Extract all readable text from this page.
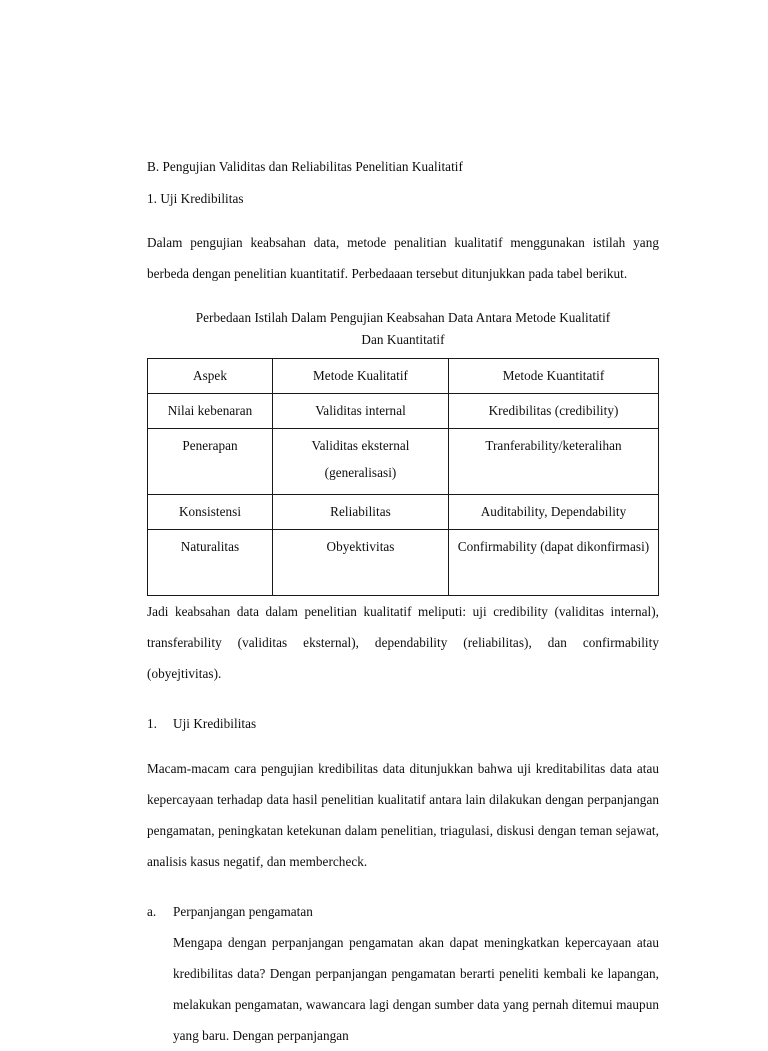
B. Pengujian Validitas dan Reliabilitas Penelitian Kualitatif

1. Uji Kredibilitas

Dalam pengujian keabsahan data, metode penalitian kualitatif menggunakan istilah yang berbeda dengan penelitian kuantitatif. Perbedaaan tersebut ditunjukkan pada tabel berikut.

Perbedaan Istilah Dalam Pengujian Keabsahan Data Antara Metode Kualitatif
Dan Kuantitatif
Aspek	Metode Kualitatif	Metode Kuantitatif
Nilai kebenaran	Validitas internal	Kredibilitas (credibility)
Penerapan	Validitas eksternal (generalisasi)	Tranferability/keteralihan
Konsistensi	Reliabilitas	Auditability, Dependability
Naturalitas	Obyektivitas	Confirmability (dapat dikonfirmasi)

Jadi keabsahan data dalam penelitian kualitatif meliputi: uji credibility (validitas internal), transferability (validitas eksternal), dependability (reliabilitas), dan confirmability (obyejtivitas).

1.	Uji Kredibilitas

Macam-macam cara pengujian kredibilitas data ditunjukkan bahwa uji kreditabilitas data atau kepercayaan terhadap data hasil penelitian kualitatif antara lain dilakukan dengan perpanjangan pengamatan, peningkatan ketekunan dalam penelitian, triagulasi, diskusi dengan teman sejawat, analisis kasus negatif, dan membercheck.

a.	Perpanjangan pengamatan
Mengapa dengan perpanjangan pengamatan akan dapat meningkatkan kepercayaan atau kredibilitas data? Dengan perpanjangan pengamatan berarti peneliti kembali ke lapangan, melakukan pengamatan, wawancara lagi dengan sumber data yang pernah ditemui maupun yang baru. Dengan perpanjangan
